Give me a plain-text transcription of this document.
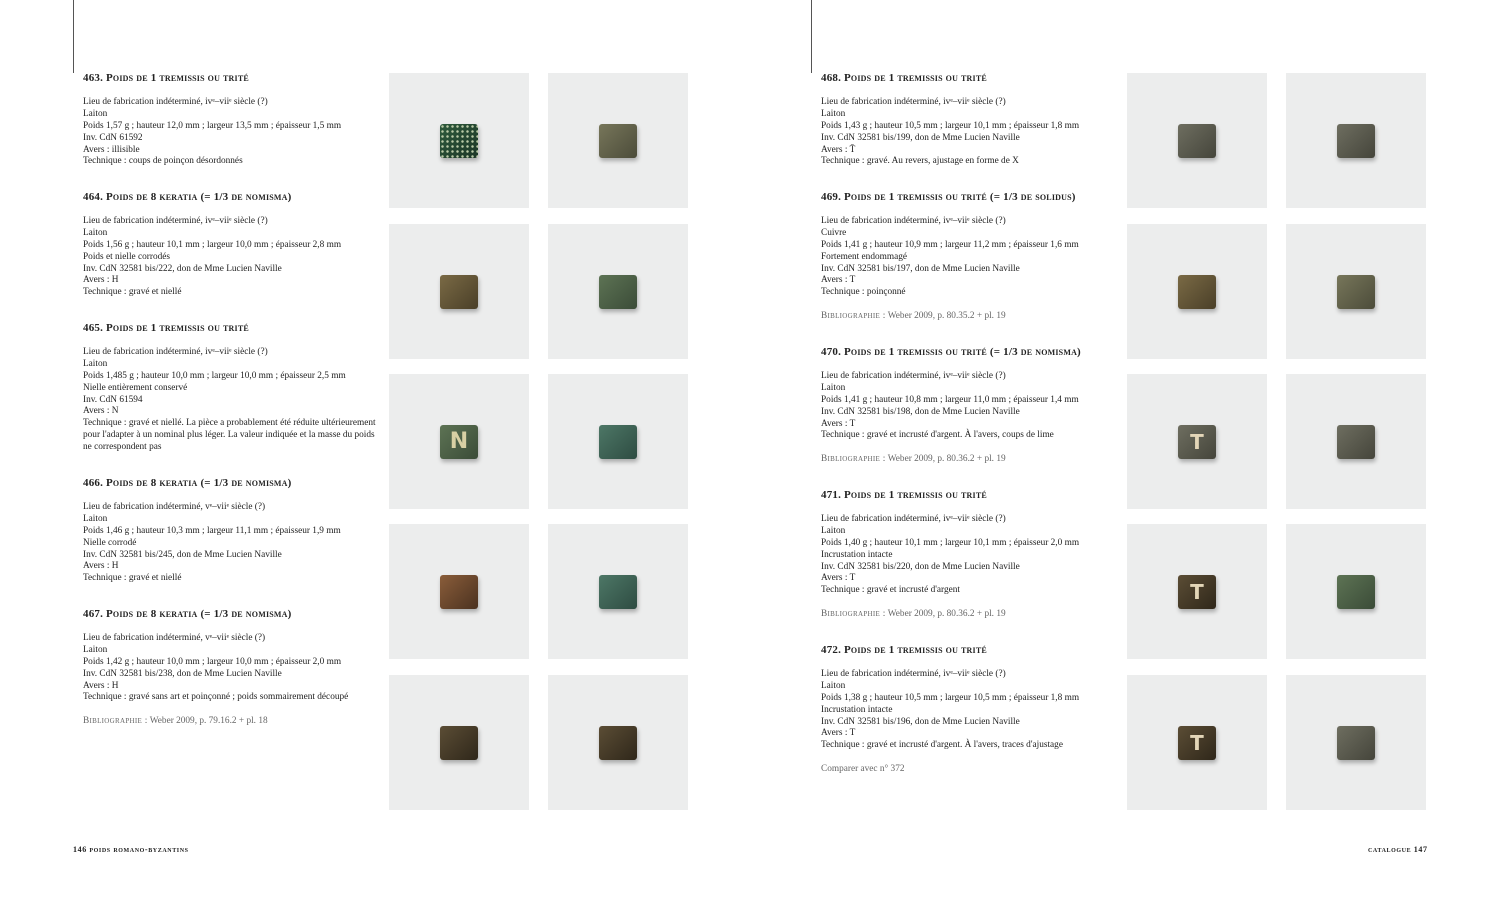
463. Poids de 1 tremissis ou trité
Lieu de fabrication indéterminé, ivᵉ–viiᵉ siècle (?)
Laiton
Poids 1,57 g ; hauteur 12,0 mm ; largeur 13,5 mm ; épaisseur 1,5 mm
Inv. CdN 61592
Avers : illisible
Technique : coups de poinçon désordonnés
464. Poids de 8 keratia (= 1/3 de nomisma)
Lieu de fabrication indéterminé, ivᵉ–viiᵉ siècle (?)
Laiton
Poids 1,56 g ; hauteur 10,1 mm ; largeur 10,0 mm ; épaisseur 2,8 mm
Poids et nielle corrodés
Inv. CdN 32581 bis/222, don de Mme Lucien Naville
Avers : H
Technique : gravé et niellé
465. Poids de 1 tremissis ou trité
Lieu de fabrication indéterminé, ivᵉ–viiᵉ siècle (?)
Laiton
Poids 1,485 g ; hauteur 10,0 mm ; largeur 10,0 mm ; épaisseur 2,5 mm
Nielle entièrement conservé
Inv. CdN 61594
Avers : N
Technique : gravé et niellé. La pièce a probablement été réduite ultérieurement pour l'adapter à un nominal plus léger. La valeur indiquée et la masse du poids ne correspondent pas
466. Poids de 8 keratia (= 1/3 de nomisma)
Lieu de fabrication indéterminé, vᵉ–viiᵉ siècle (?)
Laiton
Poids 1,46 g ; hauteur 10,3 mm ; largeur 11,1 mm ; épaisseur 1,9 mm
Nielle corrodé
Inv. CdN 32581 bis/245, don de Mme Lucien Naville
Avers : H
Technique : gravé et niellé
467. Poids de 8 keratia (= 1/3 de nomisma)
Lieu de fabrication indéterminé, vᵉ–viiᵉ siècle (?)
Laiton
Poids 1,42 g ; hauteur 10,0 mm ; largeur 10,0 mm ; épaisseur 2,0 mm
Inv. CdN 32581 bis/238, don de Mme Lucien Naville
Avers : H
Technique : gravé sans art et poinçonné ; poids sommairement découpé
Bibliographie : Weber 2009, p. 79.16.2 + pl. 18
N
146 poids romano-byzantins
468. Poids de 1 tremissis ou trité
Lieu de fabrication indéterminé, ivᵉ–viiᵉ siècle (?)
Laiton
Poids 1,43 g ; hauteur 10,5 mm ; largeur 10,1 mm ; épaisseur 1,8 mm
Inv. CdN 32581 bis/199, don de Mme Lucien Naville
Avers : T̄
Technique : gravé. Au revers, ajustage en forme de X
469. Poids de 1 tremissis ou trité (= 1/3 de solidus)
Lieu de fabrication indéterminé, ivᵉ–viiᵉ siècle (?)
Cuivre
Poids 1,41 g ; hauteur 10,9 mm ; largeur 11,2 mm ; épaisseur 1,6 mm
Fortement endommagé
Inv. CdN 32581 bis/197, don de Mme Lucien Naville
Avers : T
Technique : poinçonné
Bibliographie : Weber 2009, p. 80.35.2 + pl. 19
470. Poids de 1 tremissis ou trité (= 1/3 de nomisma)
Lieu de fabrication indéterminé, ivᵉ–viiᵉ siècle (?)
Laiton
Poids 1,41 g ; hauteur 10,8 mm ; largeur 11,0 mm ; épaisseur 1,4 mm
Inv. CdN 32581 bis/198, don de Mme Lucien Naville
Avers : T
Technique : gravé et incrusté d'argent. À l'avers, coups de lime
Bibliographie : Weber 2009, p. 80.36.2 + pl. 19
471. Poids de 1 tremissis ou trité
Lieu de fabrication indéterminé, ivᵉ–viiᵉ siècle (?)
Laiton
Poids 1,40 g ; hauteur 10,1 mm ; largeur 10,1 mm ; épaisseur 2,0 mm
Incrustation intacte
Inv. CdN 32581 bis/220, don de Mme Lucien Naville
Avers : T
Technique : gravé et incrusté d'argent
Bibliographie : Weber 2009, p. 80.36.2 + pl. 19
472. Poids de 1 tremissis ou trité
Lieu de fabrication indéterminé, ivᵉ–viiᵉ siècle (?)
Laiton
Poids 1,38 g ; hauteur 10,5 mm ; largeur 10,5 mm ; épaisseur 1,8 mm
Incrustation intacte
Inv. CdN 32581 bis/196, don de Mme Lucien Naville
Avers : T
Technique : gravé et incrusté d'argent. À l'avers, traces d'ajustage
Comparer avec n° 372
T
T
T
catalogue 147
